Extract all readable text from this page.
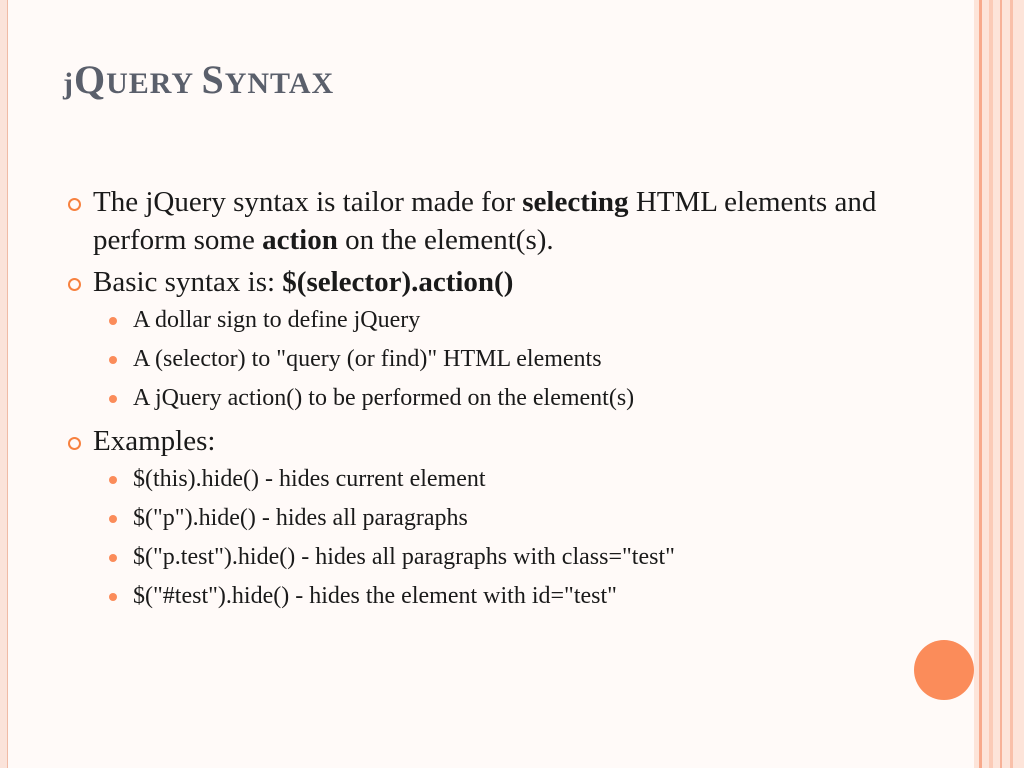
jQUERY SYNTAX
The jQuery syntax is tailor made for selecting HTML elements and perform some action on the element(s).
Basic syntax is: $(selector).action()
A dollar sign to define jQuery
A (selector) to "query (or find)" HTML elements
A jQuery action() to be performed on the element(s)
Examples:
$(this).hide() - hides current element
$("p").hide() - hides all paragraphs
$("p.test").hide() - hides all paragraphs with class="test"
$("#test").hide() - hides the element with id="test"
